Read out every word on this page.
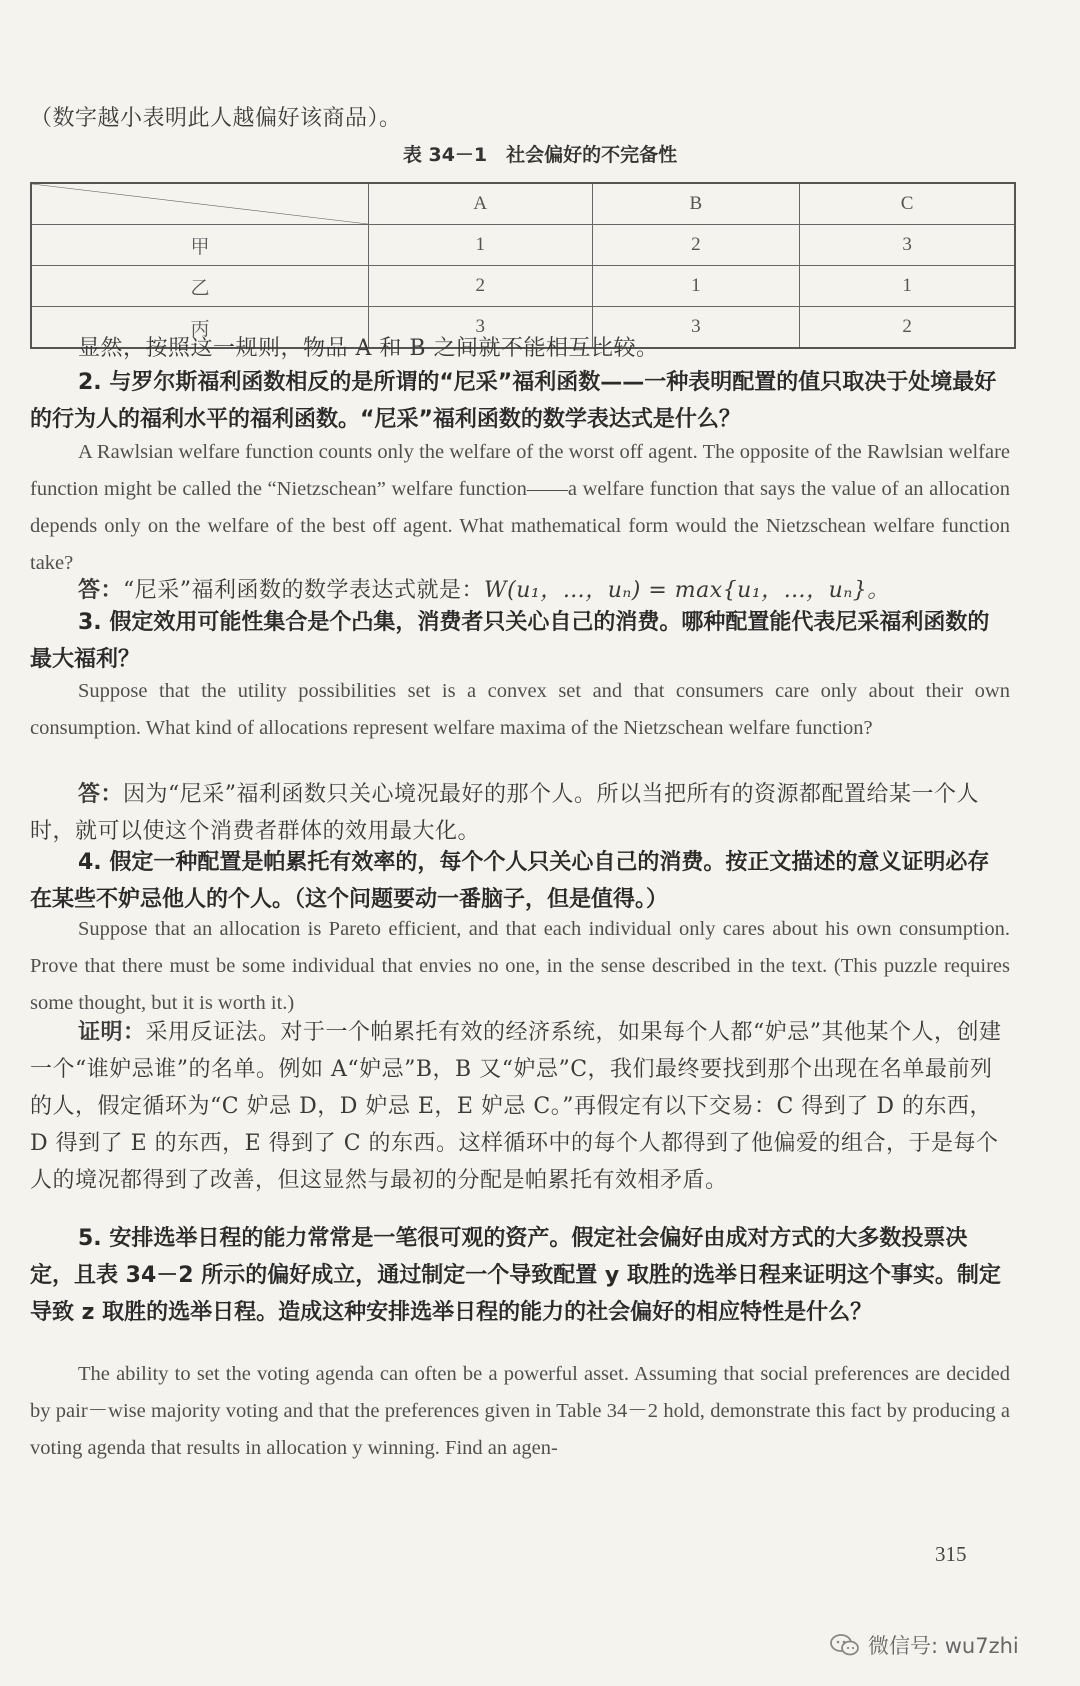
（数字越小表明此人越偏好该商品）。

表 34－1　社会偏好的不完备性
	A	B	C
甲	1	2	3
乙	2	1	1
丙	3	3	2

显然，按照这一规则，物品 A 和 B 之间就不能相互比较。

2. 与罗尔斯福利函数相反的是所谓的“尼采”福利函数——一种表明配置的值只取决于处境最好的行为人的福利水平的福利函数。“尼采”福利函数的数学表达式是什么？

A Rawlsian welfare function counts only the welfare of the worst off agent. The opposite of the Rawlsian welfare function might be called the “Nietzschean” welfare function——a welfare function that says the value of an allocation depends only on the welfare of the best off agent. What mathematical form would the Nietzschean welfare function take?

答：“尼采”福利函数的数学表达式就是：W(u₁，…，uₙ) = max{u₁，…，uₙ}。

3. 假定效用可能性集合是个凸集，消费者只关心自己的消费。哪种配置能代表尼采福利函数的最大福利？

Suppose that the utility possibilities set is a convex set and that consumers care only about their own consumption. What kind of allocations represent welfare maxima of the Nietzschean welfare function?

答：因为“尼采”福利函数只关心境况最好的那个人。所以当把所有的资源都配置给某一个人时，就可以使这个消费者群体的效用最大化。

4. 假定一种配置是帕累托有效率的，每个个人只关心自己的消费。按正文描述的意义证明必存在某些不妒忌他人的个人。（这个问题要动一番脑子，但是值得。）

Suppose that an allocation is Pareto efficient, and that each individual only cares about his own consumption. Prove that there must be some individual that envies no one, in the sense described in the text. (This puzzle requires some thought, but it is worth it.)

证明：采用反证法。对于一个帕累托有效的经济系统，如果每个人都“妒忌”其他某个人，创建一个“谁妒忌谁”的名单。例如 A“妒忌”B，B 又“妒忌”C，我们最终要找到那个出现在名单最前列的人，假定循环为“C 妒忌 D，D 妒忌 E，E 妒忌 C。”再假定有以下交易：C 得到了 D 的东西，D 得到了 E 的东西，E 得到了 C 的东西。这样循环中的每个人都得到了他偏爱的组合，于是每个人的境况都得到了改善，但这显然与最初的分配是帕累托有效相矛盾。

5. 安排选举日程的能力常常是一笔很可观的资产。假定社会偏好由成对方式的大多数投票决定，且表 34－2 所示的偏好成立，通过制定一个导致配置 y 取胜的选举日程来证明这个事实。制定导致 z 取胜的选举日程。造成这种安排选举日程的能力的社会偏好的相应特性是什么？

The ability to set the voting agenda can often be a powerful asset. Assuming that social preferences are decided by pair－wise majority voting and that the preferences given in Table 34－2 hold, demonstrate this fact by producing a voting agenda that results in allocation y winning. Find an agen-

315
微信号: wu7zhi
